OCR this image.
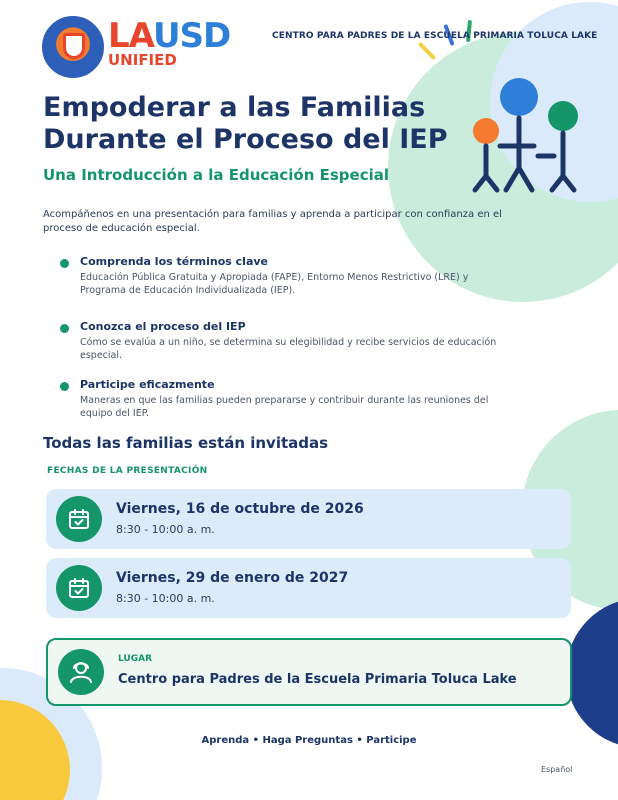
LAUSD
UNIFIED
CENTRO PARA PADRES DE LA ESCUELA PRIMARIA TOLUCA LAKE
Empoderar a las Familias
Durante el Proceso del IEP
Una Introducción a la Educación Especial
Acompáñenos en una presentación para familias y aprenda a participar con confianza en el proceso de educación especial.
Comprenda los términos clave
Educación Pública Gratuita y Apropiada (FAPE), Entorno Menos Restrictivo (LRE) y Programa de Educación Individualizada (IEP).
Conozca el proceso del IEP
Cómo se evalúa a un niño, se determina su elegibilidad y recibe servicios de educación especial.
Participe eficazmente
Maneras en que las familias pueden prepararse y contribuir durante las reuniones del equipo del IEP.
Todas las familias están invitadas
FECHAS DE LA PRESENTACIÓN
Viernes, 16 de octubre de 2026
8:30 - 10:00 a. m.
Viernes, 29 de enero de 2027
8:30 - 10:00 a. m.
LUGAR
Centro para Padres de la Escuela Primaria Toluca Lake
Aprenda • Haga Preguntas • Participe
Español
